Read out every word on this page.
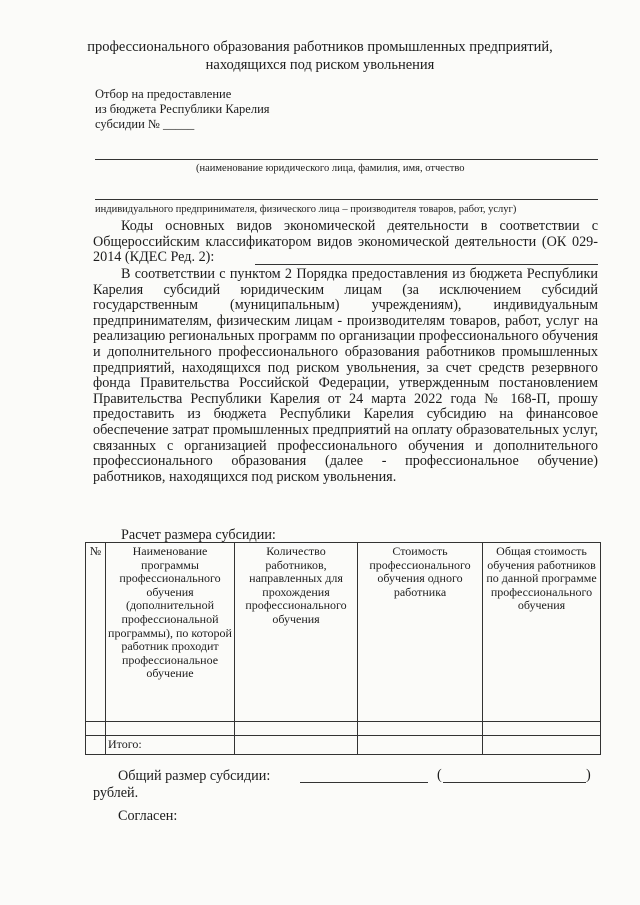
профессионального образования работников промышленных предприятий,
находящихся под риском увольнения
Отбор на предоставление
из бюджета Республики Карелия
субсидии № _____
(наименование юридического лица, фамилия, имя, отчество
индивидуального предпринимателя, физического лица – производителя товаров, работ, услуг)

Коды основных видов экономической деятельности в соответствии с Общероссийским классификатором видов экономической деятельности (ОК 029-2014 (КДЕС Ред. 2):

В соответствии с пунктом 2 Порядка предоставления из бюджета Республики Карелия субсидий юридическим лицам (за исключением субсидий государственным (муниципальным) учреждениям), индивидуальным предпринимателям, физическим лицам - производителям товаров, работ, услуг на реализацию региональных программ по организации профессионального обучения и дополнительного профессионального образования работников промышленных предприятий, находящихся под риском увольнения, за счет средств резервного фонда Правительства Российской Федерации, утвержденным постановлением Правительства Республики Карелия от 24 марта 2022 года № 168-П, прошу предоставить из бюджета Республики Карелия субсидию на финансовое обеспечение затрат промышленных предприятий на оплату образовательных услуг, связанных с организацией профессионального обучения и дополнительного профессионального образования (далее - профессиональное обучение) работников, находящихся под риском увольнения.

Расчет размера субсидии:
№	Наименование программы профессионального обучения (дополнительной профессиональной программы), по которой работник проходит профессиональное обучение	Количество работников, направленных для прохождения профессионального обучения	Стоимость профессионального обучения одного работника	Общая стоимость обучения работников по данной программе профессионального обучения

	Итого:			
Общий размер субсидии:	(	)
рублей.
Согласен:
